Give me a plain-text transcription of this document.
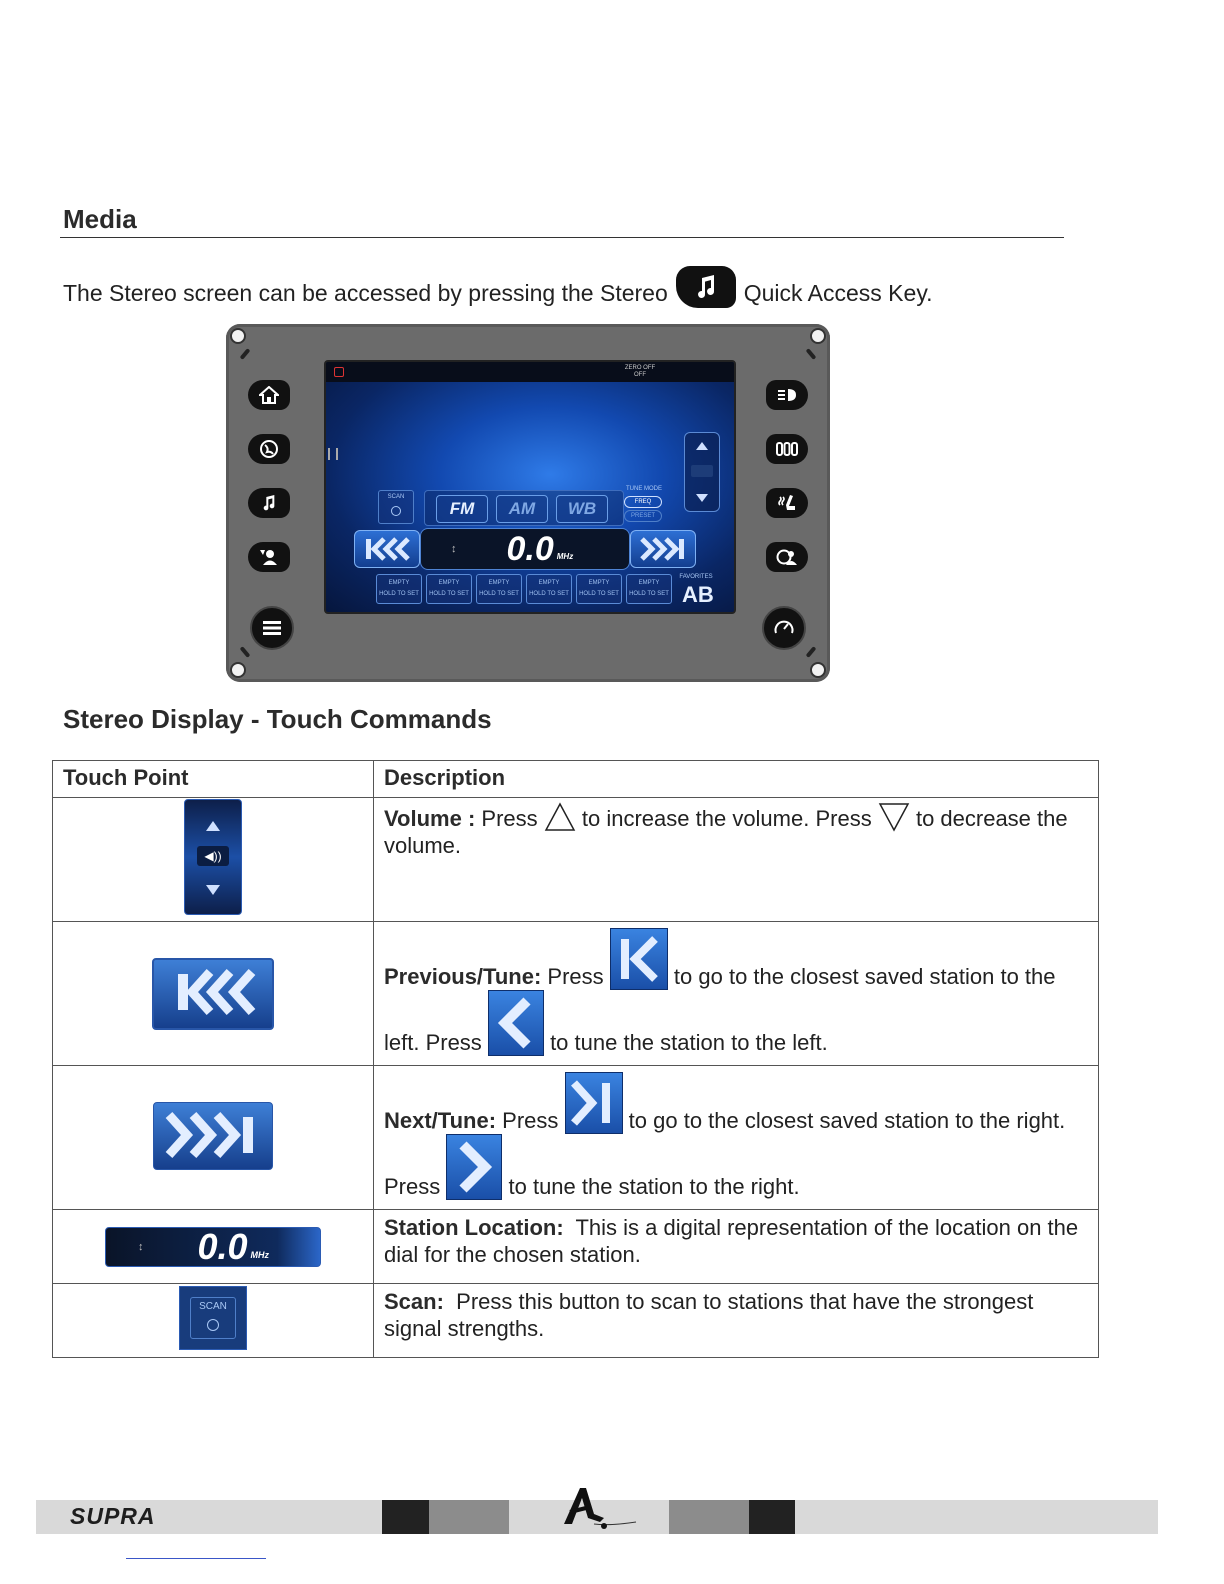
Media
The Stereo screen can be accessed by pressing the Stereo	Quick Access Key.
ZERO OFF
OFF
SCAN
FM	AM	WB
TUNE MODE
FREQ
PRESET
↕ 0.0 MHz
EMPTY
HOLD TO SET
EMPTY
HOLD TO SET
EMPTY
HOLD TO SET
EMPTY
HOLD TO SET
EMPTY
HOLD TO SET
EMPTY
HOLD TO SET
FAVORITES
AB
Stereo Display - Touch Commands
Touch Point	Description

◀))	Volume : Press to increase the volume. Press to decrease the volume.

Previous/Tune: Press to go to the closest saved station to the left. Press to tune the station to the left.

Next/Tune: Press to go to the closest saved station to the right. Press to tune the station to the right.

↕ 0.0 MHz	Station Location: This is a digital representation of the location on the dial for the chosen station.

SCAN	Scan: Press this button to scan to stations that have the strongest signal strengths.
SUPRA
